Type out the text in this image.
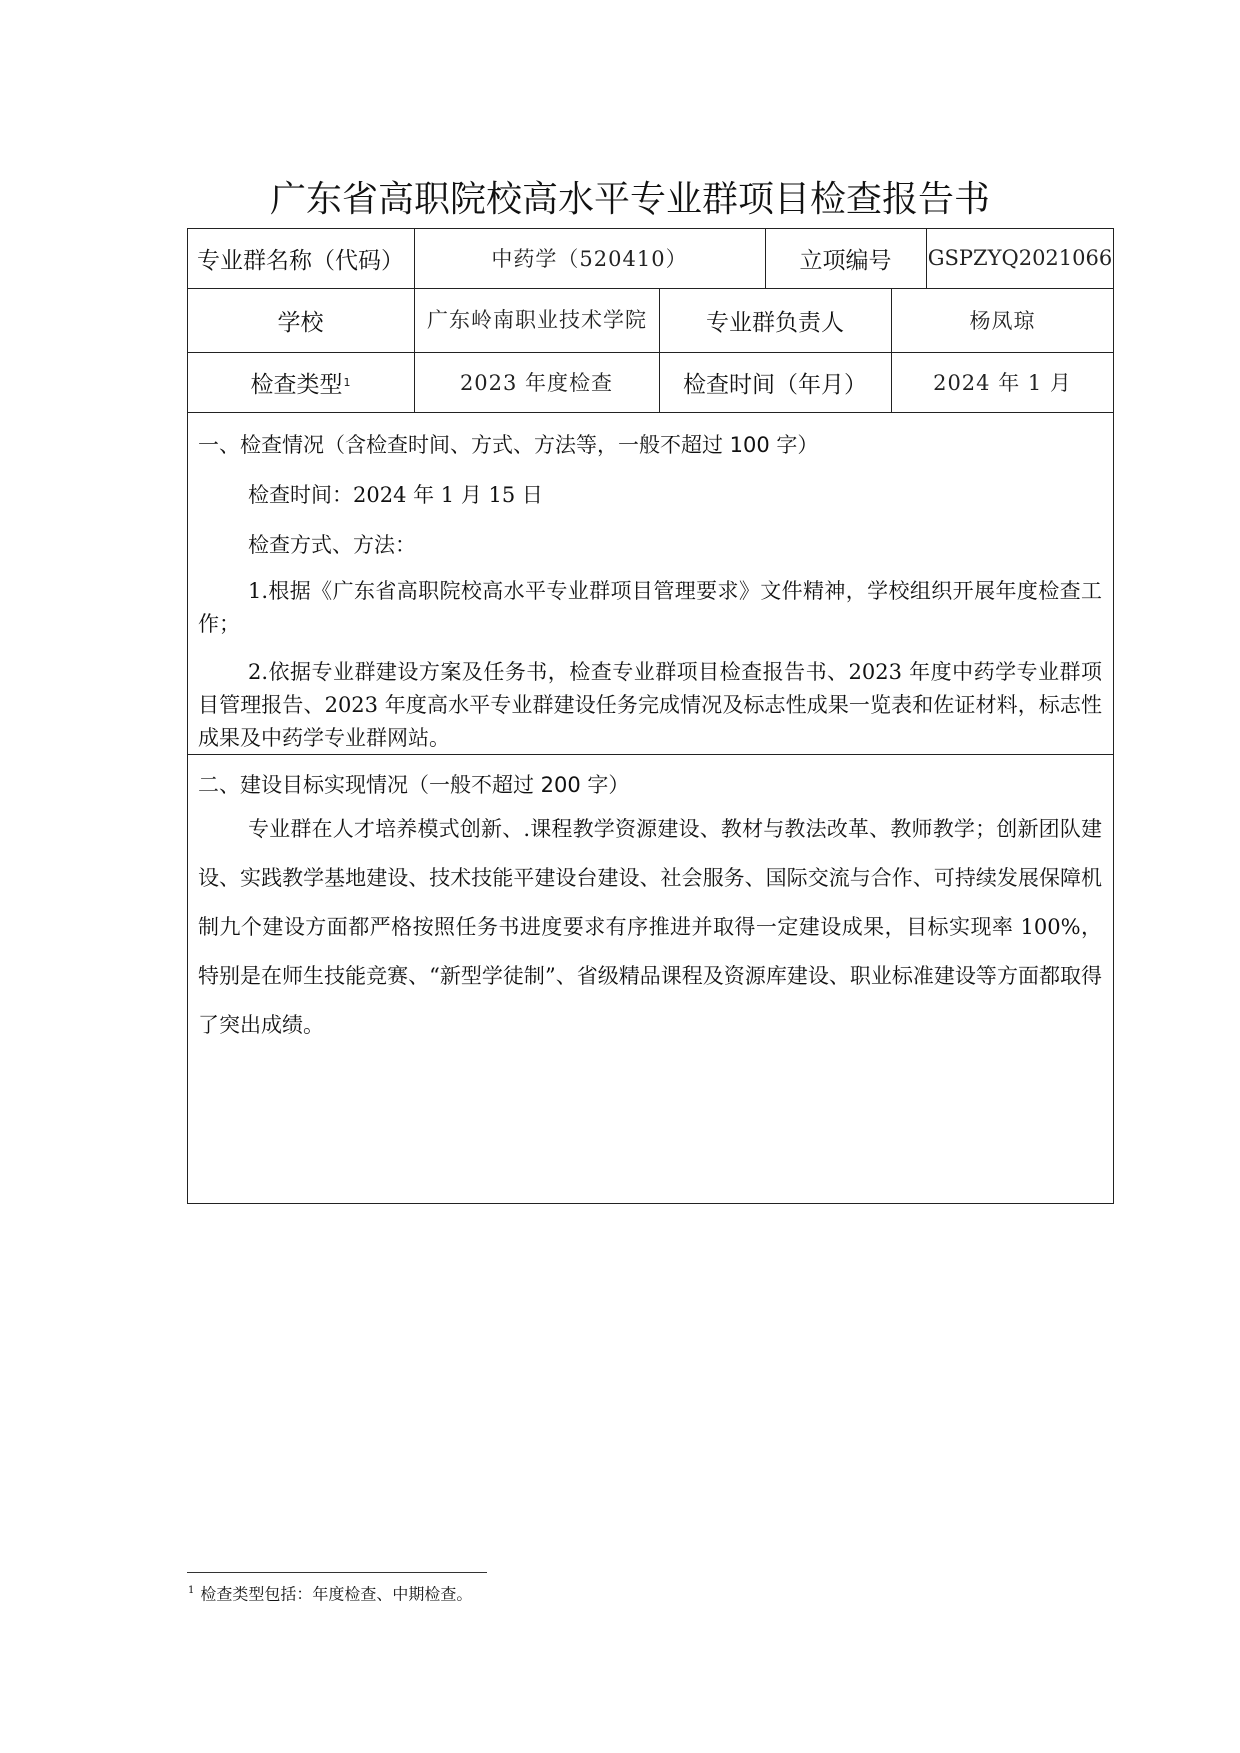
广东省高职院校高水平专业群项目检查报告书
专业群名称（代码）	中药学（520410）	立项编号	GSPZYQ2021066
学校	广东岭南职业技术学院	专业群负责人	杨凤琼
检查类型 1	2023 年度检查	检查时间（年月）	2024 年 1 月
一、检查情况（含检查时间、方式、方法等，一般不超过 100 字）
检查时间：2024 年 1 月 15 日
检查方式、方法：
1.根据《广东省高职院校高水平专业群项目管理要求》文件精神，学校组织开展年度检查工作；
2.依据专业群建设方案及任务书，检查专业群项目检查报告书、2023 年度中药学专业群项目管理报告、2023 年度高水平专业群建设任务完成情况及标志性成果一览表和佐证材料，标志性成果及中药学专业群网站。
二、建设目标实现情况（一般不超过 200 字）
专业群在人才培养模式创新、.课程教学资源建设、教材与教法改革、教师教学；创新团队建设、实践教学基地建设、技术技能平建设台建设、社会服务、国际交流与合作、可持续发展保障机制九个建设方面都严格按照任务书进度要求有序推进并取得一定建设成果，目标实现率 100%，特别是在师生技能竞赛、“新型学徒制”、省级精品课程及资源库建设、职业标准建设等方面都取得了突出成绩。
$^1$ 检查类型包括：年度检查、中期检查。
